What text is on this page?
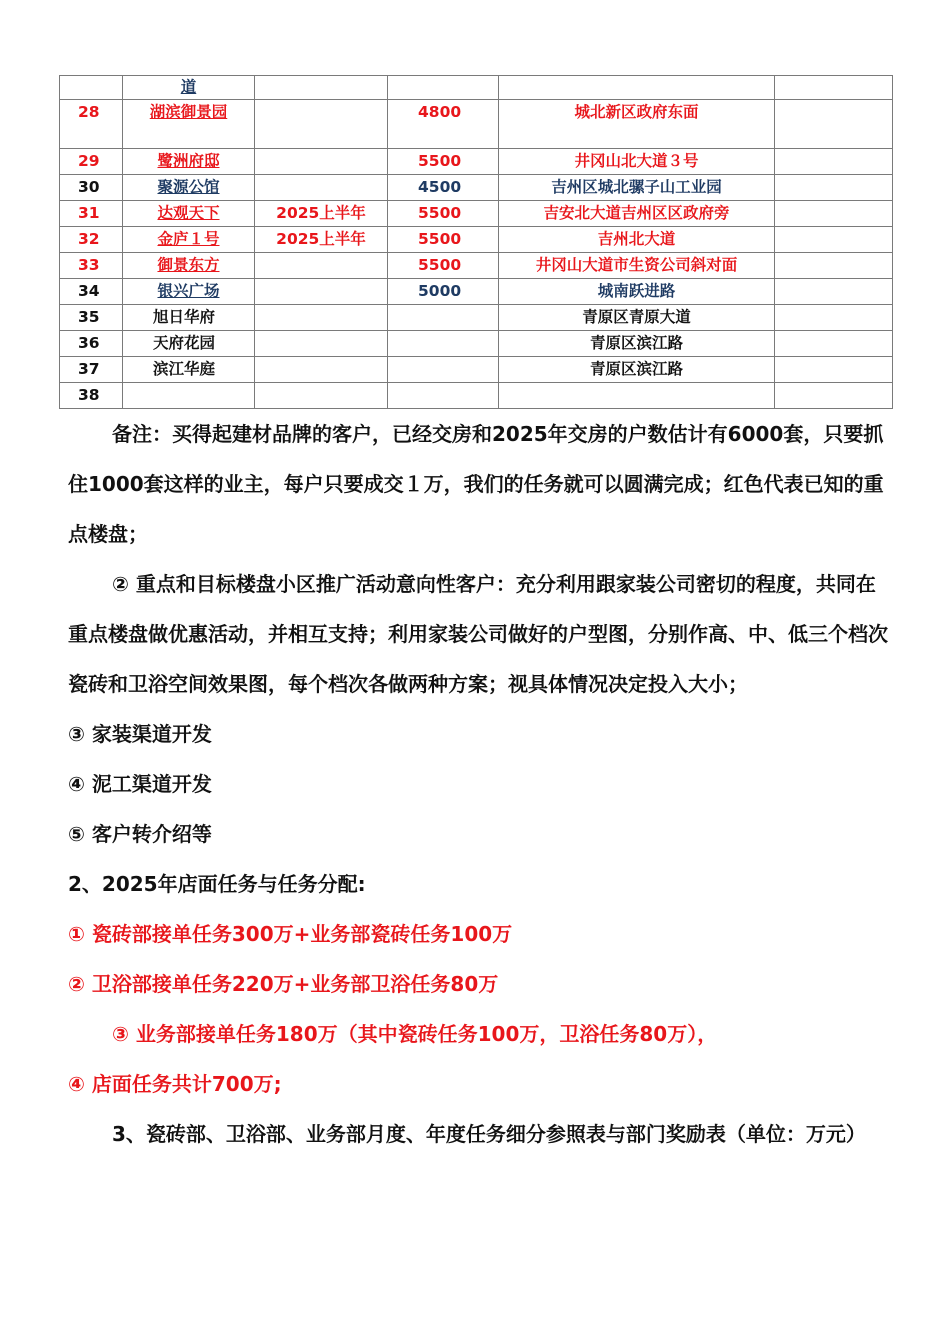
	道				
28	湖滨御景园		4800	城北新区政府东面	
29	鹭洲府邸		5500	井冈山北大道３号	
30	聚源公馆		4500	吉州区城北骡子山工业园	
31	达观天下	2025上半年	5500	吉安北大道吉州区区政府旁	
32	金庐１号	2025上半年	5500	吉州北大道	
33	御景东方		5500	井冈山大道市生资公司斜对面	
34	银兴广场		5000	城南跃进路	
35	旭日华府			青原区青原大道	
36	天府花园			青原区滨江路	
37	滨江华庭			青原区滨江路	
38					

备注：买得起建材品牌的客户，已经交房和2025年交房的户数估计有6000套，只要抓住1000套这样的业主，每户只要成交１万，我们的任务就可以圆满完成；红色代表已知的重点楼盘；

② 重点和目标楼盘小区推广活动意向性客户：充分利用跟家装公司密切的程度，共同在重点楼盘做优惠活动，并相互支持；利用家装公司做好的户型图，分别作高、中、低三个档次瓷砖和卫浴空间效果图，每个档次各做两种方案；视具体情况决定投入大小；

③ 家装渠道开发

④ 泥工渠道开发

⑤ 客户转介绍等

2、2025年店面任务与任务分配:

① 瓷砖部接单任务300万+业务部瓷砖任务100万

② 卫浴部接单任务220万+业务部卫浴任务80万

③ 业务部接单任务180万（其中瓷砖任务100万，卫浴任务80万），

④ 店面任务共计700万;

3、瓷砖部、卫浴部、业务部月度、年度任务细分参照表与部门奖励表（单位：万元）
